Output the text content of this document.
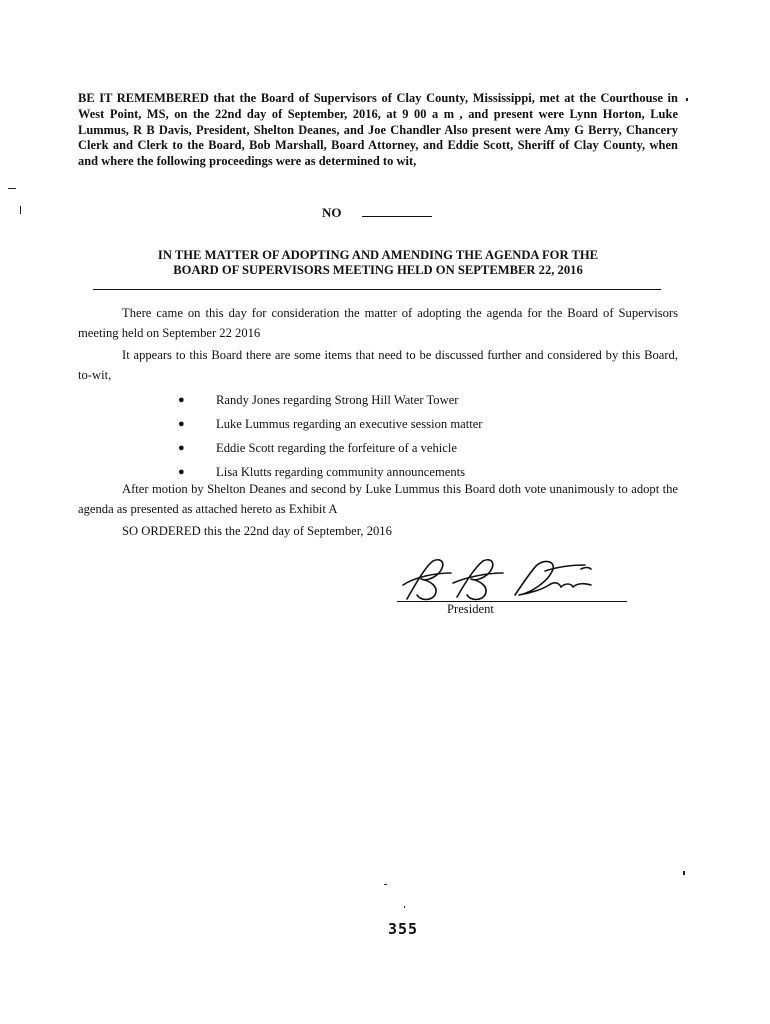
BE IT REMEMBERED that the Board of Supervisors of Clay County, Mississippi, met at the Courthouse in West Point, MS, on the 22nd day of September, 2016, at 9 00 a m , and present were Lynn Horton, Luke Lummus, R B Davis, President, Shelton Deanes, and Joe Chandler Also present were Amy G Berry, Chancery Clerk and Clerk to the Board, Bob Marshall, Board Attorney, and Eddie Scott, Sheriff of Clay County, when and where the following proceedings were as determined to wit,
NO
IN THE MATTER OF ADOPTING AND AMENDING THE AGENDA FOR THE
BOARD OF SUPERVISORS MEETING HELD ON SEPTEMBER 22, 2016

There came on this day for consideration the matter of adopting the agenda for the Board of Supervisors meeting held on September 22 2016

It appears to this Board there are some items that need to be discussed further and considered by this Board, to-wit,

● Randy Jones regarding Strong Hill Water Tower
● Luke Lummus regarding an executive session matter
● Eddie Scott regarding the forfeiture of a vehicle
● Lisa Klutts regarding community announcements

After motion by Shelton Deanes and second by Luke Lummus this Board doth vote unanimously to adopt the agenda as presented as attached hereto as Exhibit A

SO ORDERED this the 22nd day of September, 2016

President
355
